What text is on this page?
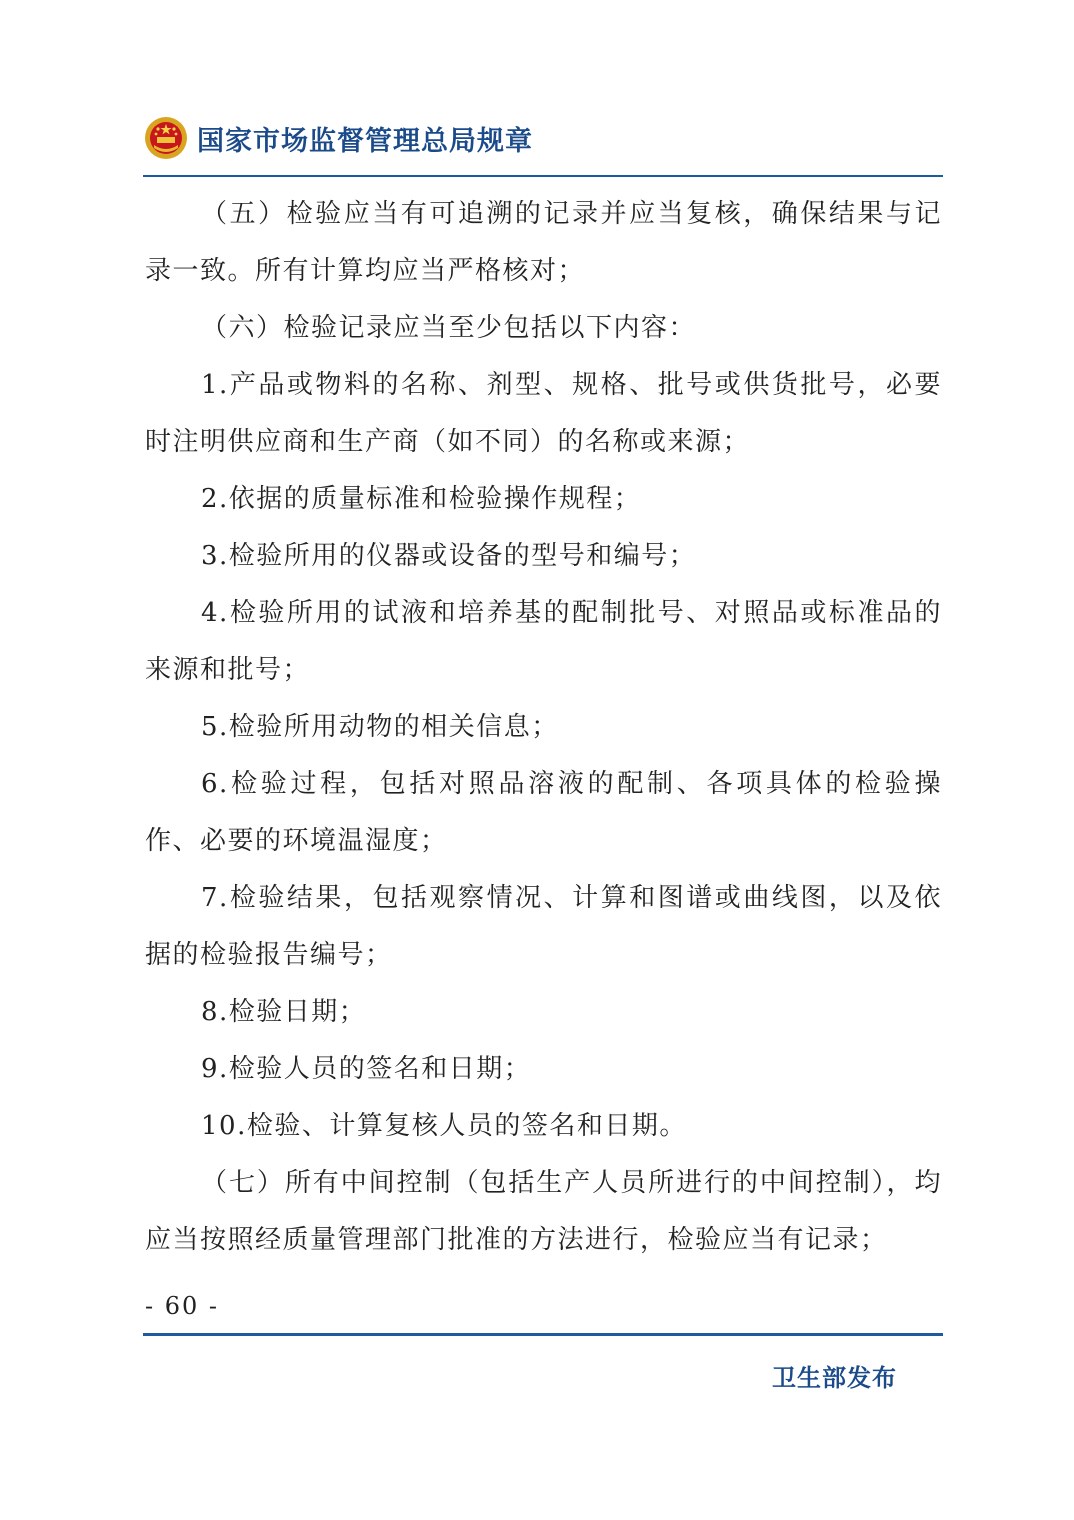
国家市场监督管理总局规章

（五）检验应当有可追溯的记录并应当复核，确保结果与记录一致。所有计算均应当严格核对；

（六）检验记录应当至少包括以下内容：

1.产品或物料的名称、剂型、规格、批号或供货批号，必要时注明供应商和生产商（如不同）的名称或来源；

2.依据的质量标准和检验操作规程；

3.检验所用的仪器或设备的型号和编号；

4.检验所用的试液和培养基的配制批号、对照品或标准品的来源和批号；

5.检验所用动物的相关信息；

6.检验过程，包括对照品溶液的配制、各项具体的检验操作、必要的环境温湿度；

7.检验结果，包括观察情况、计算和图谱或曲线图，以及依据的检验报告编号；

8.检验日期；

9.检验人员的签名和日期；

10.检验、计算复核人员的签名和日期。

（七）所有中间控制（包括生产人员所进行的中间控制），均应当按照经质量管理部门批准的方法进行，检验应当有记录；

- 60 -
卫生部发布
